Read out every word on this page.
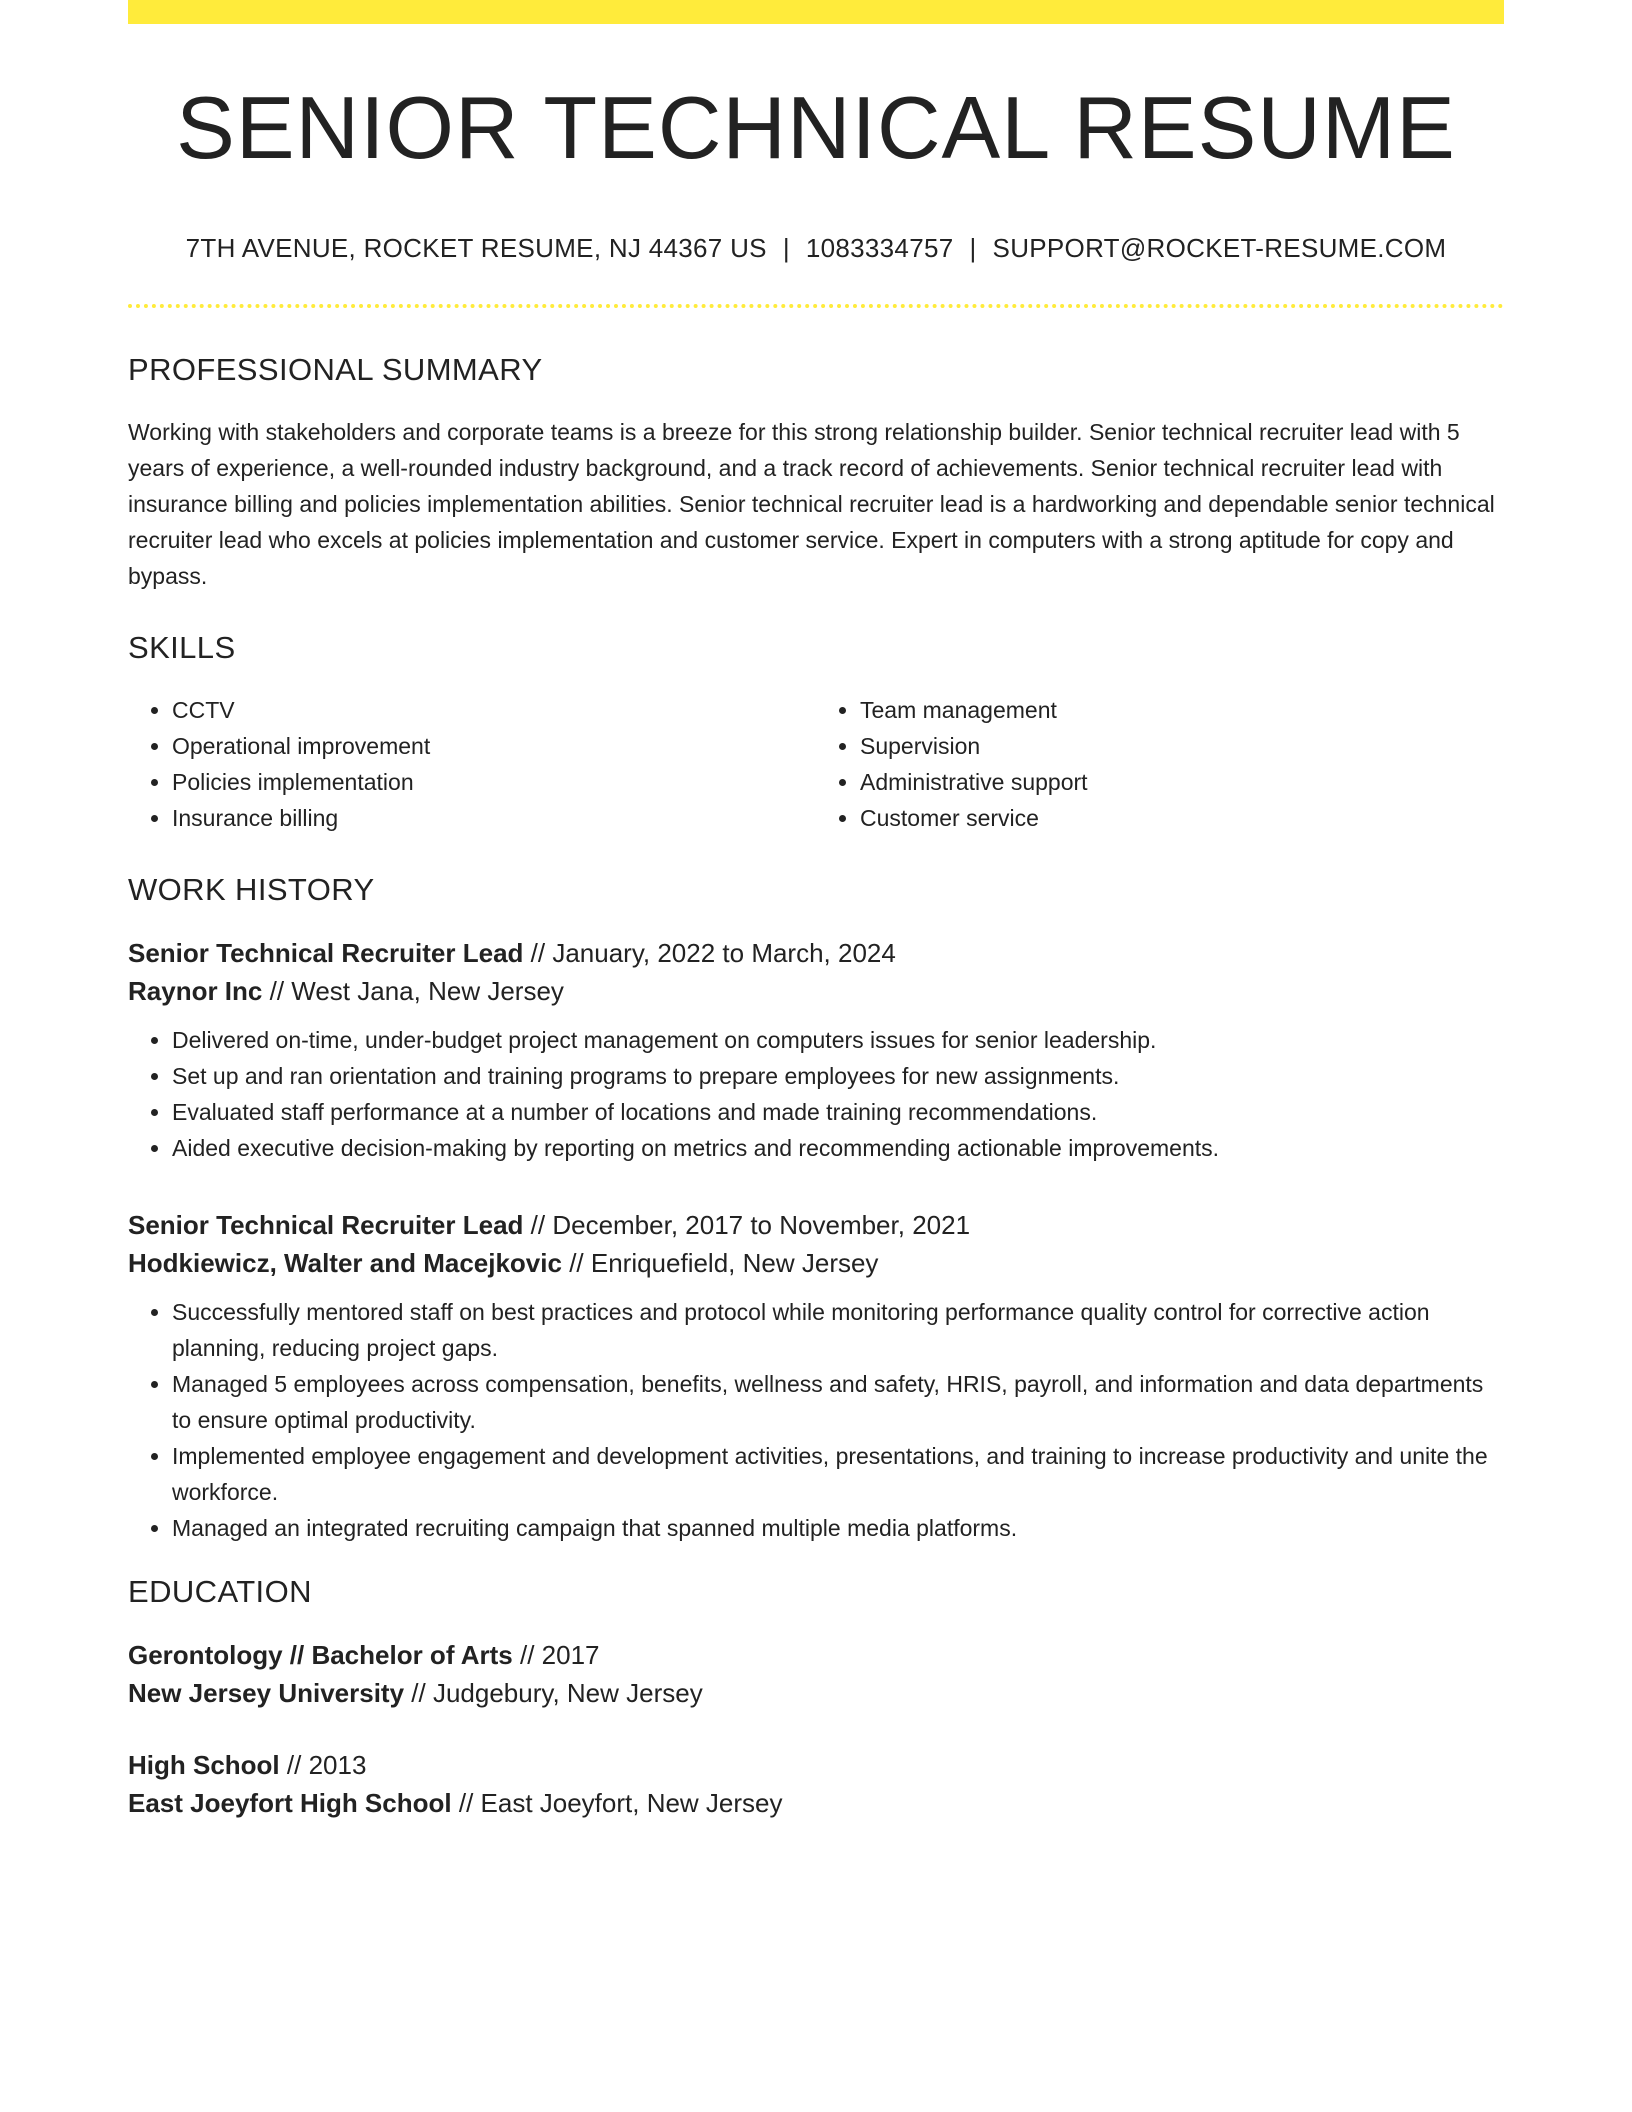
SENIOR TECHNICAL RESUME
7TH AVENUE, ROCKET RESUME, NJ 44367 US | 1083334757 | SUPPORT@ROCKET-RESUME.COM
PROFESSIONAL SUMMARY
Working with stakeholders and corporate teams is a breeze for this strong relationship builder. Senior technical recruiter lead with 5 years of experience, a well-rounded industry background, and a track record of achievements. Senior technical recruiter lead with insurance billing and policies implementation abilities. Senior technical recruiter lead is a hardworking and dependable senior technical recruiter lead who excels at policies implementation and customer service. Expert in computers with a strong aptitude for copy and bypass.
SKILLS
• CCTV
• Operational improvement
• Policies implementation
• Insurance billing
• Team management
• Supervision
• Administrative support
• Customer service
WORK HISTORY
Senior Technical Recruiter Lead // January, 2022 to March, 2024
Raynor Inc // West Jana, New Jersey
• Delivered on-time, under-budget project management on computers issues for senior leadership.
• Set up and ran orientation and training programs to prepare employees for new assignments.
• Evaluated staff performance at a number of locations and made training recommendations.
• Aided executive decision-making by reporting on metrics and recommending actionable improvements.
Senior Technical Recruiter Lead // December, 2017 to November, 2021
Hodkiewicz, Walter and Macejkovic // Enriquefield, New Jersey
• Successfully mentored staff on best practices and protocol while monitoring performance quality control for corrective action planning, reducing project gaps.
• Managed 5 employees across compensation, benefits, wellness and safety, HRIS, payroll, and information and data departments to ensure optimal productivity.
• Implemented employee engagement and development activities, presentations, and training to increase productivity and unite the workforce.
• Managed an integrated recruiting campaign that spanned multiple media platforms.
EDUCATION
Gerontology // Bachelor of Arts // 2017
New Jersey University // Judgebury, New Jersey
High School // 2013
East Joeyfort High School // East Joeyfort, New Jersey
